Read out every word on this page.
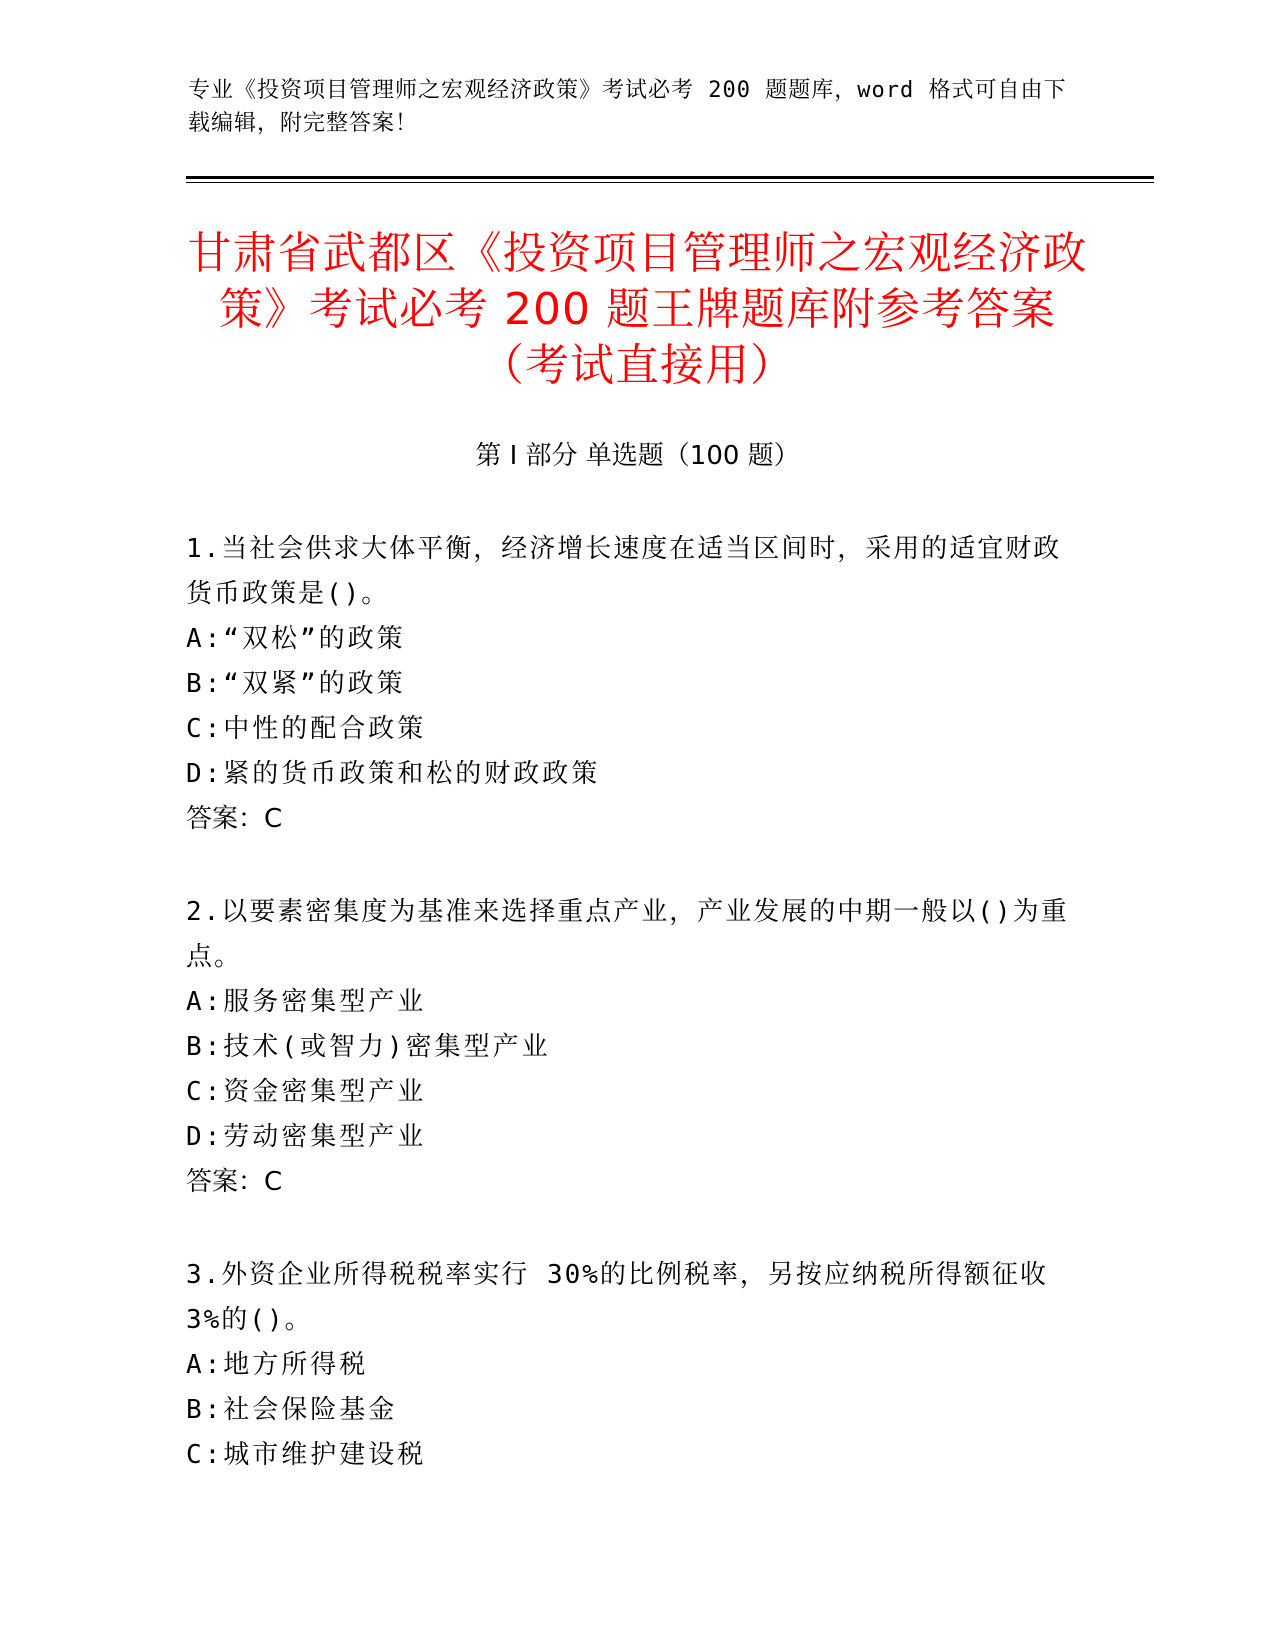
专业《投资项目管理师之宏观经济政策》考试必考 200 题题库，word 格式可自由下载编辑，附完整答案！
甘肃省武都区《投资项目管理师之宏观经济政策》考试必考 200 题王牌题库附参考答案（考试直接用）
第 I 部分 单选题（100 题）
1.当社会供求大体平衡，经济增长速度在适当区间时，采用的适宜财政货币政策是()。
A:“双松”的政策
B:“双紧”的政策
C:中性的配合政策
D:紧的货币政策和松的财政政策
答案：C
2.以要素密集度为基准来选择重点产业，产业发展的中期一般以()为重点。
A:服务密集型产业
B:技术(或智力)密集型产业
C:资金密集型产业
D:劳动密集型产业
答案：C
3.外资企业所得税税率实行 30%的比例税率，另按应纳税所得额征收 3%的()。
A:地方所得税
B:社会保险基金
C:城市维护建设税
